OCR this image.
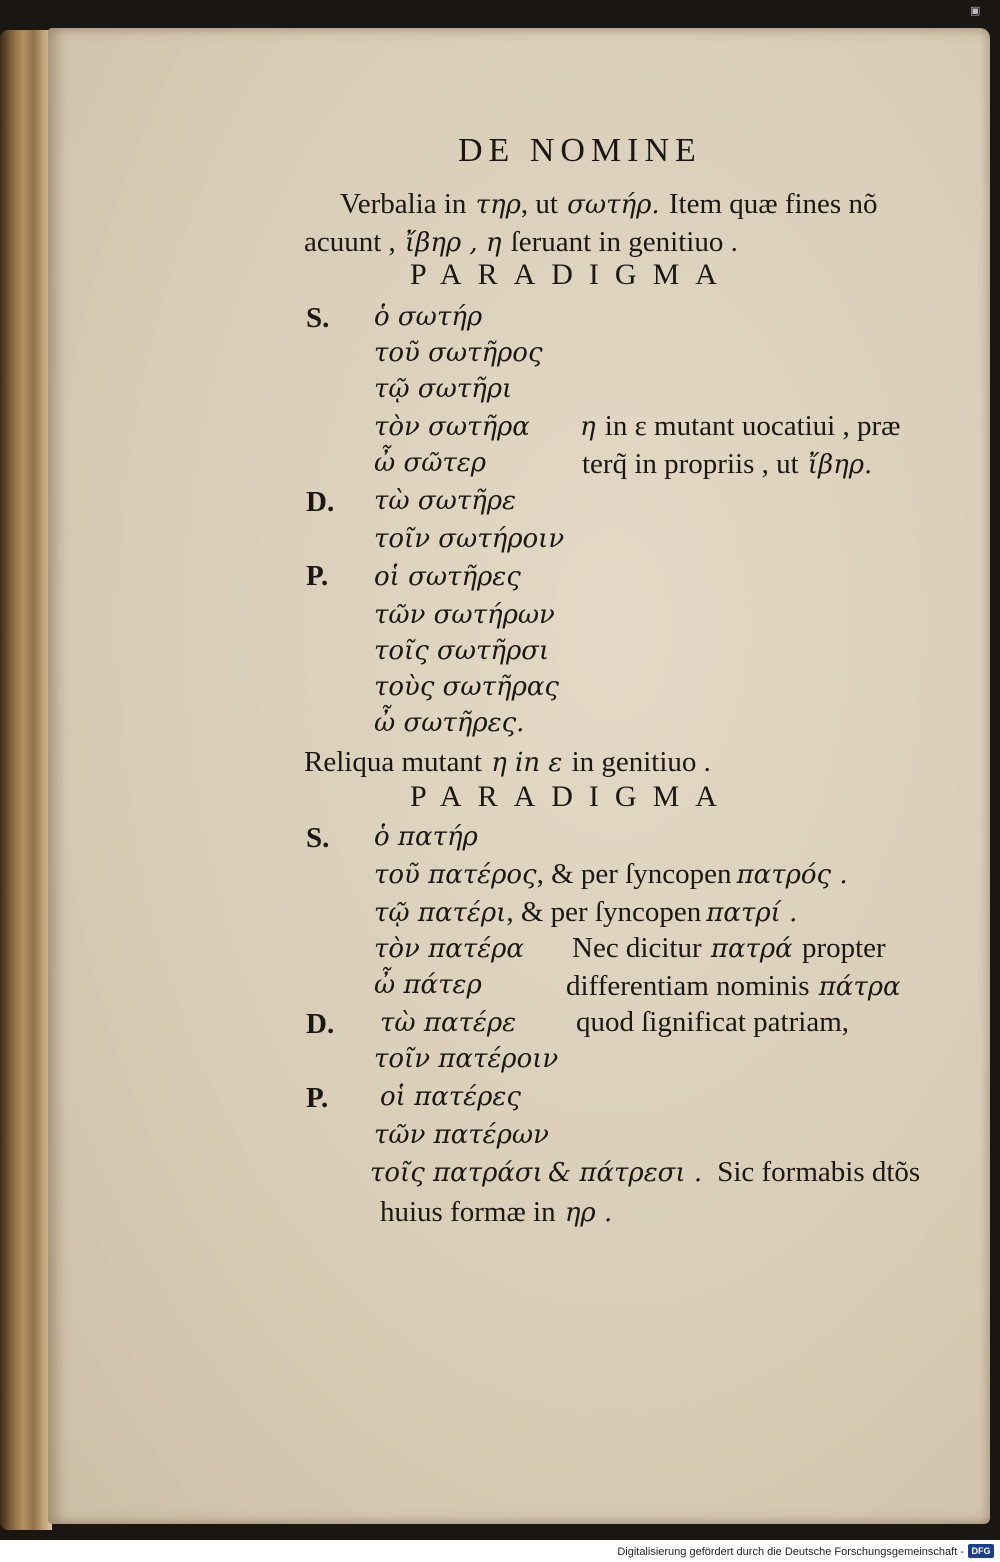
▣
DE NOMINE
Verbalia in τηρ, ut σωτήρ. Item quæ fines nõ
acuunt , ἴβηρ , η ſeruant in genitiuo .
PARADIGMA
S.
D.
P.
ὁ σωτήρ
τοῦ σωτῆρος
τῷ σωτῆρι
τὸν σωτῆρα
ὦ σῶτερ
τὼ σωτῆρε
τοῖν σωτήροιν
οἱ σωτῆρες
τῶν σωτήρων
τοῖς σωτῆρσι
τοὺς σωτῆρας
ὦ σωτῆρες.
η in ε mutant uocatiui , præ
terq̃ in propriis , ut ἴβηρ.
Reliqua mutant η in ε in genitiuo .
PARADIGMA
S.
D.
P.
ὁ πατήρ
τοῦ πατέρος, & per ſyncopen πατρός .
τῷ πατέρι, & per ſyncopen πατρί .
τὸν πατέρα
ὦ πάτερ
τὼ πατέρε
τοῖν πατέροιν
οἱ πατέρες
τῶν πατέρων
Nec dicitur πατρά propter
differentiam nominis πάτρα
quod ſignificat patriam,
τοῖς πατράσι & πάτρεσι . Sic formabis dtõs
huius formæ in ηρ .
Digitalisierung gefördert durch die Deutsche Forschungsgemeinschaft - DFG
